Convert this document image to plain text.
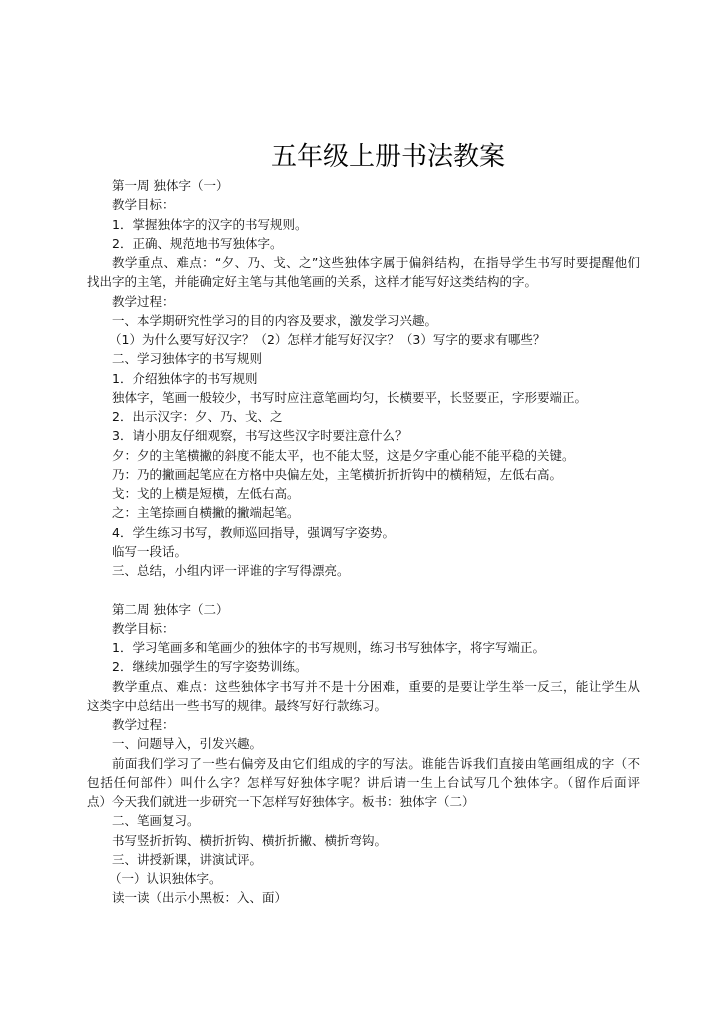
五年级上册书法教案
第一周 独体字（一）
教学目标：
1．掌握独体字的汉字的书写规则。
2．正确、规范地书写独体字。
教学重点、难点：“夕、乃、戈、之”这些独体字属于偏斜结构，在指导学生书写时要提醒他们
找出字的主笔，并能确定好主笔与其他笔画的关系，这样才能写好这类结构的字。
教学过程：
一、本学期研究性学习的目的内容及要求，激发学习兴趣。
（1）为什么要写好汉字？（2）怎样才能写好汉字？（3）写字的要求有哪些？
二、学习独体字的书写规则
1．介绍独体字的书写规则
独体字，笔画一般较少，书写时应注意笔画均匀，长横要平，长竖要正，字形要端正。
2．出示汉字：夕、乃、戈、之
3．请小朋友仔细观察，书写这些汉字时要注意什么？
夕：夕的主笔横撇的斜度不能太平，也不能太竖，这是夕字重心能不能平稳的关键。
乃：乃的撇画起笔应在方格中央偏左处，主笔横折折折钩中的横稍短，左低右高。
戈：戈的上横是短横，左低右高。
之：主笔捺画自横撇的撇端起笔。
4．学生练习书写，教师巡回指导，强调写字姿势。
临写一段话。
三、总结，小组内评一评谁的字写得漂亮。
第二周 独体字（二）
教学目标：
1．学习笔画多和笔画少的独体字的书写规则，练习书写独体字，将字写端正。
2．继续加强学生的写字姿势训练。
教学重点、难点：这些独体字书写并不是十分困难，重要的是要让学生举一反三，能让学生从
这类字中总结出一些书写的规律。最终写好行款练习。
教学过程：
一、问题导入，引发兴趣。
前面我们学习了一些右偏旁及由它们组成的字的写法。谁能告诉我们直接由笔画组成的字（不
包括任何部件）叫什么字？怎样写好独体字呢？讲后请一生上台试写几个独体字。（留作后面评
点）今天我们就进一步研究一下怎样写好独体字。板书：独体字（二）
二、笔画复习。
书写竖折折钩、横折折钩、横折折撇、横折弯钩。
三、讲授新课，讲演试评。
（一）认识独体字。
读一读（出示小黑板：入、面）
